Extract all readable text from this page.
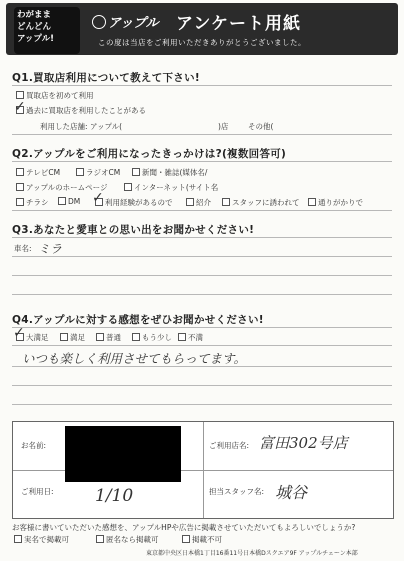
わがまま
どんどん
アップル!
アップル	アンケート用紙
この度は当店をご利用いただきありがとうございました。
Q1.買取店利用について教えて下さい!
買取店を初めて利用
過去に買取店を利用したことがある
✓
利用した店舗: アップル(	)店	その他(
Q2.アップルをご利用になったきっかけは?(複数回答可)
テレビCM	ラジオCM	新聞・雑誌(媒体名/
アップルのホームページ	インターネット(サイト名
チラシ	DM	利用経験があるので
✓	紹介	スタッフに誘われて	通りがかりで
Q3.あなたと愛車との思い出をお聞かせください!
車名: ミラ
Q4.アップルに対する感想をぜひお聞かせください!
大満足
✓	満足	普通	もう少し	不満
いつも楽しく利用させてもらってます。
お名前:	ご利用店名: 富田302号店
ご利用日: 1/10	担当スタッフ名: 城谷
お客様に書いていただいた感想を、アップルHPや広告に掲載させていただいてもよろしいでしょうか?
実名で掲載可	匿名なら掲載可	掲載不可
東京都中央区日本橋1丁目16番11号日本橋Dスクエア9F アップルチェーン本部
